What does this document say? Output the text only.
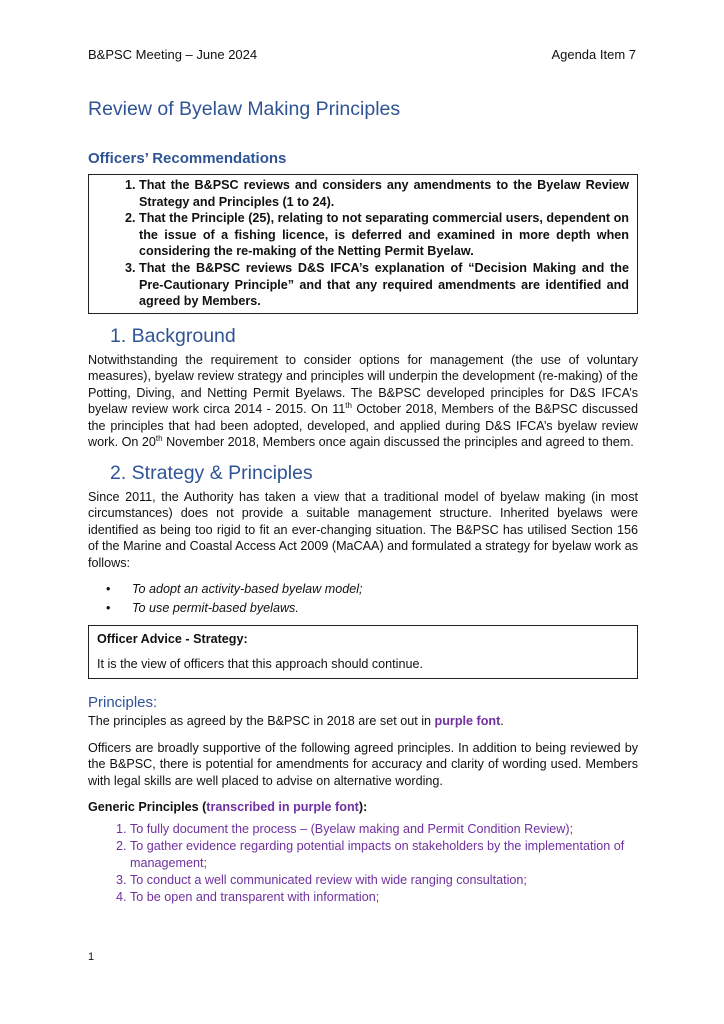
B&PSC Meeting – June 2024	Agenda Item 7
Review of Byelaw Making Principles
Officers’ Recommendations
1. That the B&PSC reviews and considers any amendments to the Byelaw Review Strategy and Principles (1 to 24).
2. That the Principle (25), relating to not separating commercial users, dependent on the issue of a fishing licence, is deferred and examined in more depth when considering the re-making of the Netting Permit Byelaw.
3. That the B&PSC reviews D&S IFCA’s explanation of “Decision Making and the Pre-Cautionary Principle” and that any required amendments are identified and agreed by Members.
1. Background

Notwithstanding the requirement to consider options for management (the use of voluntary measures), byelaw review strategy and principles will underpin the development (re-making) of the Potting, Diving, and Netting Permit Byelaws. The B&PSC developed principles for D&S IFCA’s byelaw review work circa 2014 - 2015. On 11th October 2018, Members of the B&PSC discussed the principles that had been adopted, developed, and applied during D&S IFCA’s byelaw review work. On 20th November 2018, Members once again discussed the principles and agreed to them.

2. Strategy & Principles

Since 2011, the Authority has taken a view that a traditional model of byelaw making (in most circumstances) does not provide a suitable management structure. Inherited byelaws were identified as being too rigid to fit an ever-changing situation. The B&PSC has utilised Section 156 of the Marine and Coastal Access Act 2009 (MaCAA) and formulated a strategy for byelaw work as follows:

• To adopt an activity-based byelaw model;
• To use permit-based byelaws.
Officer Advice - Strategy:
It is the view of officers that this approach should continue.
Principles:

The principles as agreed by the B&PSC in 2018 are set out in purple font.

Officers are broadly supportive of the following agreed principles. In addition to being reviewed by the B&PSC, there is potential for amendments for accuracy and clarity of wording used. Members with legal skills are well placed to advise on alternative wording.

Generic Principles (transcribed in purple font):

1. To fully document the process – (Byelaw making and Permit Condition Review);
2. To gather evidence regarding potential impacts on stakeholders by the implementation of management;
3. To conduct a well communicated review with wide ranging consultation;
4. To be open and transparent with information;
1
